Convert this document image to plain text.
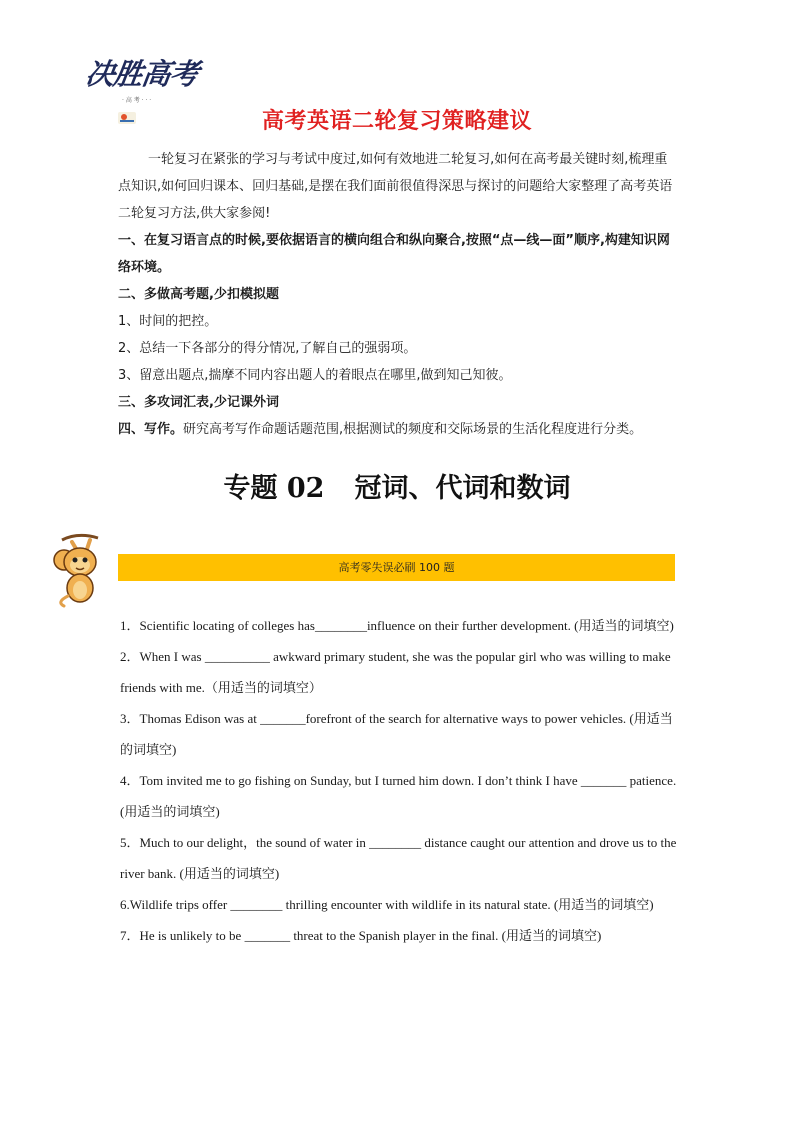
决胜高考
· 高 考 · · ·
高考英语二轮复习策略建议

一轮复习在紧张的学习与考试中度过,如何有效地进二轮复习,如何在高考最关键时刻,梳理重点知识,如何回归课本、回归基础,是摆在我们面前很值得深思与探讨的问题给大家整理了高考英语二轮复习方法,供大家参阅!

一、在复习语言点的时候,要依据语言的横向组合和纵向聚合,按照“点—线—面”顺序,构建知识网络环境。

二、多做高考题,少扣模拟题

1、时间的把控。

2、总结一下各部分的得分情况,了解自己的强弱项。

3、留意出题点,揣摩不同内容出题人的着眼点在哪里,做到知己知彼。

三、多攻词汇表,少记课外词

四、写作。研究高考写作命题话题范围,根据测试的频度和交际场景的生活化程度进行分类。

专题 02 冠词、代词和数词
高考零失误必刷 100 题

1．Scientific locating of colleges has________influence on their further development. (用适当的词填空)

2．When I was __________ awkward primary student, she was the popular girl who was willing to make friends with me.（用适当的词填空）

3．Thomas Edison was at _______forefront of the search for alternative ways to power vehicles. (用适当的词填空)

4．Tom invited me to go fishing on Sunday, but I turned him down. I don’t think I have _______ patience. (用适当的词填空)

5．Much to our delight，the sound of water in ________ distance caught our attention and drove us to the river bank. (用适当的词填空)

6.Wildlife trips offer ________ thrilling encounter with wildlife in its natural state. (用适当的词填空)

7．He is unlikely to be _______ threat to the Spanish player in the final. (用适当的词填空)
